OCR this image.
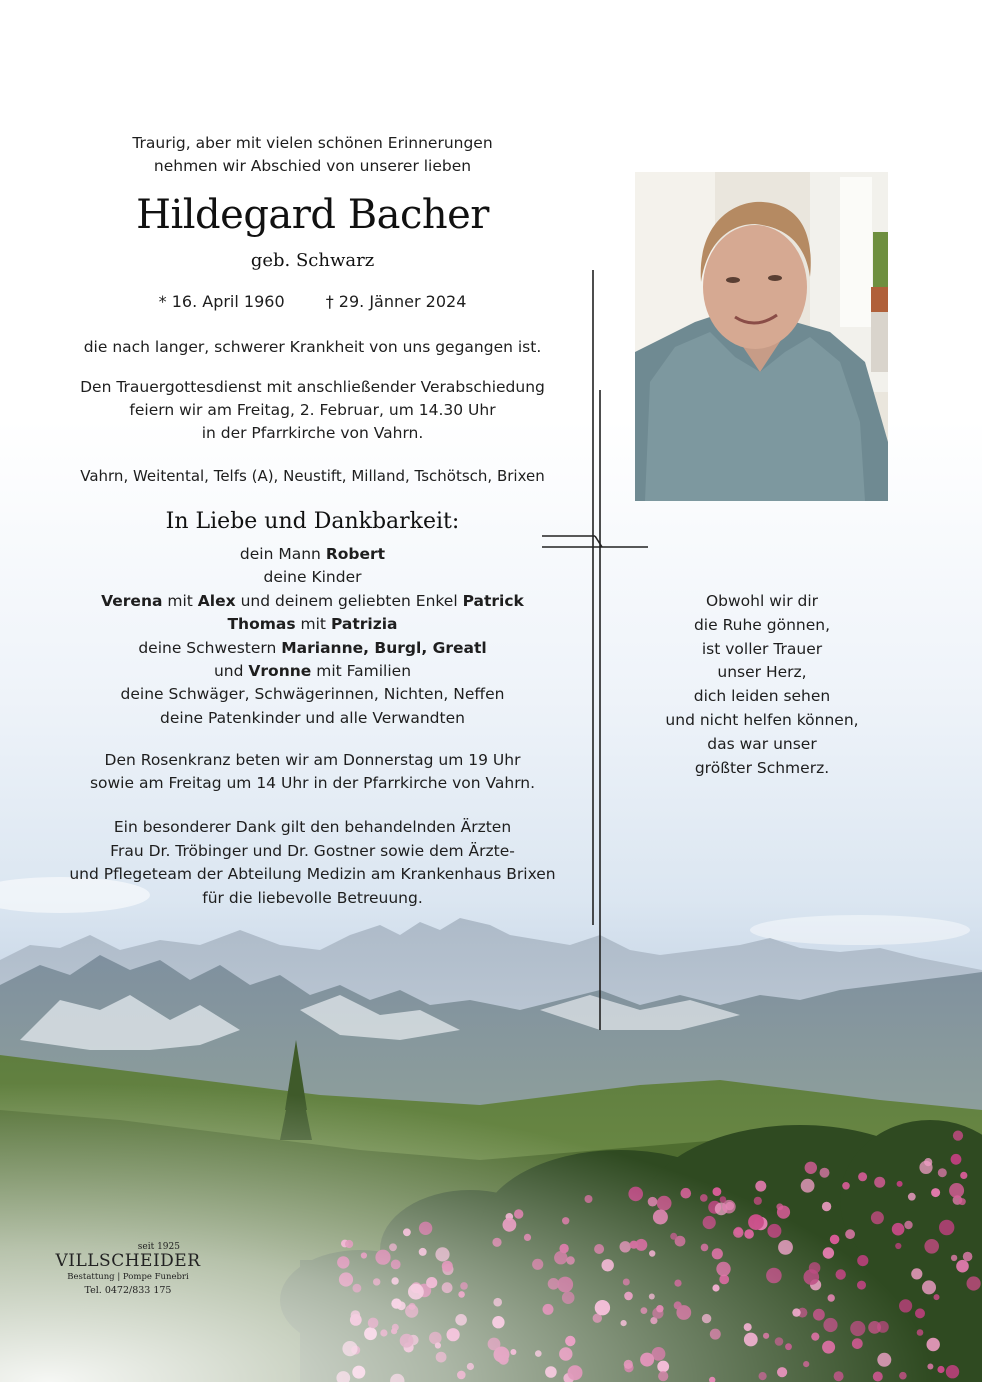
Traurig, aber mit vielen schönen Erinnerungen
nehmen wir Abschied von unserer lieben
Hildegard Bacher
geb. Schwarz
* 16. April 1960	† 29. Jänner 2024
die nach langer, schwerer Krankheit von uns gegangen ist.
Den Trauergottesdienst mit anschließender Verabschiedung
feiern wir am Freitag, 2. Februar, um 14.30 Uhr
in der Pfarrkirche von Vahrn.
Vahrn, Weitental, Telfs (A), Neustift, Milland, Tschötsch, Brixen
In Liebe und Dankbarkeit:
dein Mann Robert
deine Kinder
Verena mit Alex und deinem geliebten Enkel Patrick
Thomas mit Patrizia
deine Schwestern Marianne, Burgl, Greatl
und Vronne mit Familien
deine Schwäger, Schwägerinnen, Nichten, Neffen
deine Patenkinder und alle Verwandten
Den Rosenkranz beten wir am Donnerstag um 19 Uhr
sowie am Freitag um 14 Uhr in der Pfarrkirche von Vahrn.
Ein besonderer Dank gilt den behandelnden Ärzten
Frau Dr. Tröbinger und Dr. Gostner sowie dem Ärzte-
und Pflegeteam der Abteilung Medizin am Krankenhaus Brixen
für die liebevolle Betreuung.
Obwohl wir dir
die Ruhe gönnen,
ist voller Trauer
unser Herz,
dich leiden sehen
und nicht helfen können,
das war unser
größter Schmerz.
seit 1925
VILLSCHEIDER
Bestattung | Pompe Funebri
Tel. 0472/833 175
